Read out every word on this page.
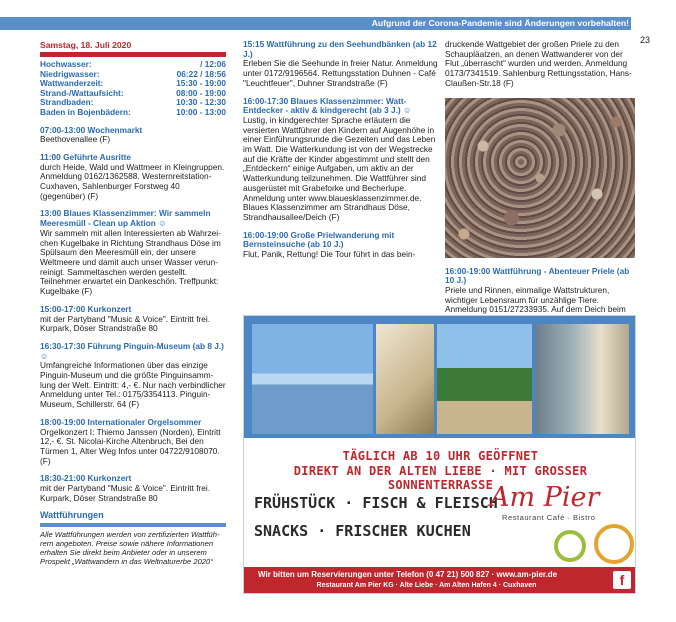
Aufgrund der Corona-Pandemie sind Änderungen vorbehalten!
23
Samstag, 18. Juli 2020
Hochwasser:	/ 12:06
Niedrigwasser:	06:22 / 18:56
Wattwanderzeit:	15:30 - 19:00
Strand-/Wattaufsicht:	08:00 - 19:00
Strandbaden:	10:30 - 12:30
Baden in Bojenbädern:	10:00 - 13:00

07:00-13:00 Wochenmarkt

Beethovenallee (F)

11:00 Geführte Ausritte

durch Heide, Wald und Wattmeer in Kleingruppen. Anmeldung 0162/1362588. Westernreitstation-Cuxhaven, Sahlenburger Forstweg 40 (gegenüber) (F)

13:00 Blaues Klassenzimmer: Wir sammeln Meeresmüll - Clean up Aktion ☺

Wir sammeln mit allen Interessierten ab Wahrzeichen Kugelbake in Richtung Strandhaus Döse im Spülsaum den Meeresmüll ein, der unsere Weltmeere und damit auch unser Wasser verunreinigt. Sammeltaschen werden gestellt. Teilnehmer erwartet ein Dankeschön. Treffpunkt: Kugelbake (F)

15:00-17:00 Kurkonzert

mit der Partyband "Music & Voice". Eintritt frei. Kurpark, Döser Strandstraße 80

16:30-17:30 Führung Pinguin-Museum (ab 8 J.) ☺

Umfangreiche Informationen über das einzige Pinguin-Museum und die größte Pinguinsammlung der Welt. Eintritt: 4,- €. Nur nach verbindlicher Anmeldung unter Tel.: 0175/3354113. Pinguin-Museum, Schillerstr. 64 (F)

18:00-19:00 Internationaler Orgelsommer

Orgelkonzert I: Thiemo Janssen (Norden), Eintritt 12,- €. St. Nicolai-Kirche Altenbruch, Bei den Türmen 1, Alter Weg Infos unter 04722/9108070. (F)

18:30-21:00 Kurkonzert

mit der Partyband "Music & Voice". Eintritt frei. Kurpark, Döser Strandstraße 80

Wattführungen

Alle Wattführungen werden von zertifizierten Wattführern angeboten. Preise sowie nähere Informationen erhalten Sie direkt beim Anbieter oder in unserem Prospekt „Wattwandern in das Weltnaturerbe 2020“

15:15 Wattführung zu den Seehundbänken (ab 12 J.)

Erleben Sie die Seehunde in freier Natur. Anmeldung unter 0172/9196564. Rettungsstation Duhnen - Café "Leuchtfeuer", Duhner Strandstraße (F)

16:00-17:30 Blaues Klassenzimmer: Watt-Entdecker - aktiv & kindgerecht (ab 3 J.) ☺

Lustig, in kindgerechter Sprache erläutern die versierten Wattführer den Kindern auf Augenhöhe in einer Einführungsrunde die Gezeiten und das Leben im Watt. Die Watterkundung ist von der Wegstrecke auf die Kräfte der Kinder abgestimmt und stellt den „Entdeckern“ einige Aufgaben, um aktiv an der Watterkundung teilzunehmen. Die Wattführer sind ausgerüstet mit Grabeforke und Becherlupe. Anmeldung unter www.blauesklassenzimmer.de. Blaues Klassenzimmer am Strandhaus Döse, Strandhausallee/Deich (F)

16:00-19:00 Große Prielwanderung mit Bernsteinsuche (ab 10 J.)

Flut, Panik, Rettung! Die Tour führt in das bein-

druckende Wattgebiet der großen Priele zu den Schaupläatzen, an denen Wattwanderer von der Flut „überrascht“ wurden und werden. Anmeldung 0173/7341519. Sahlenburg Rettungsstation, Hans-Claußen-Str.18 (F)

16:00-19:00 Wattführung - Abenteuer Priele (ab 10 J.)

Priele und Rinnen, einmalige Wattstrukturen, wichtiger Lebensraum für unzählige Tiere. Anmeldung 0151/27233935. Auf dem Deich beim

TÄGLICH AB 10 UHR GEÖFFNET
DIREKT AN DER ALTEN LIEBE · MIT GROSSER SONNENTERRASSE
FRÜHSTÜCK · FISCH & FLEISCH
SNACKS · FRISCHER KUCHEN
Am Pier
Restaurant Café · Bistro
Wir bitten um Reservierungen unter Telefon (0 47 21) 500 827 · www.am-pier.de
Restaurant Am Pier KG · Alte Liebe · Am Alten Hafen 4 · Cuxhaven	f
